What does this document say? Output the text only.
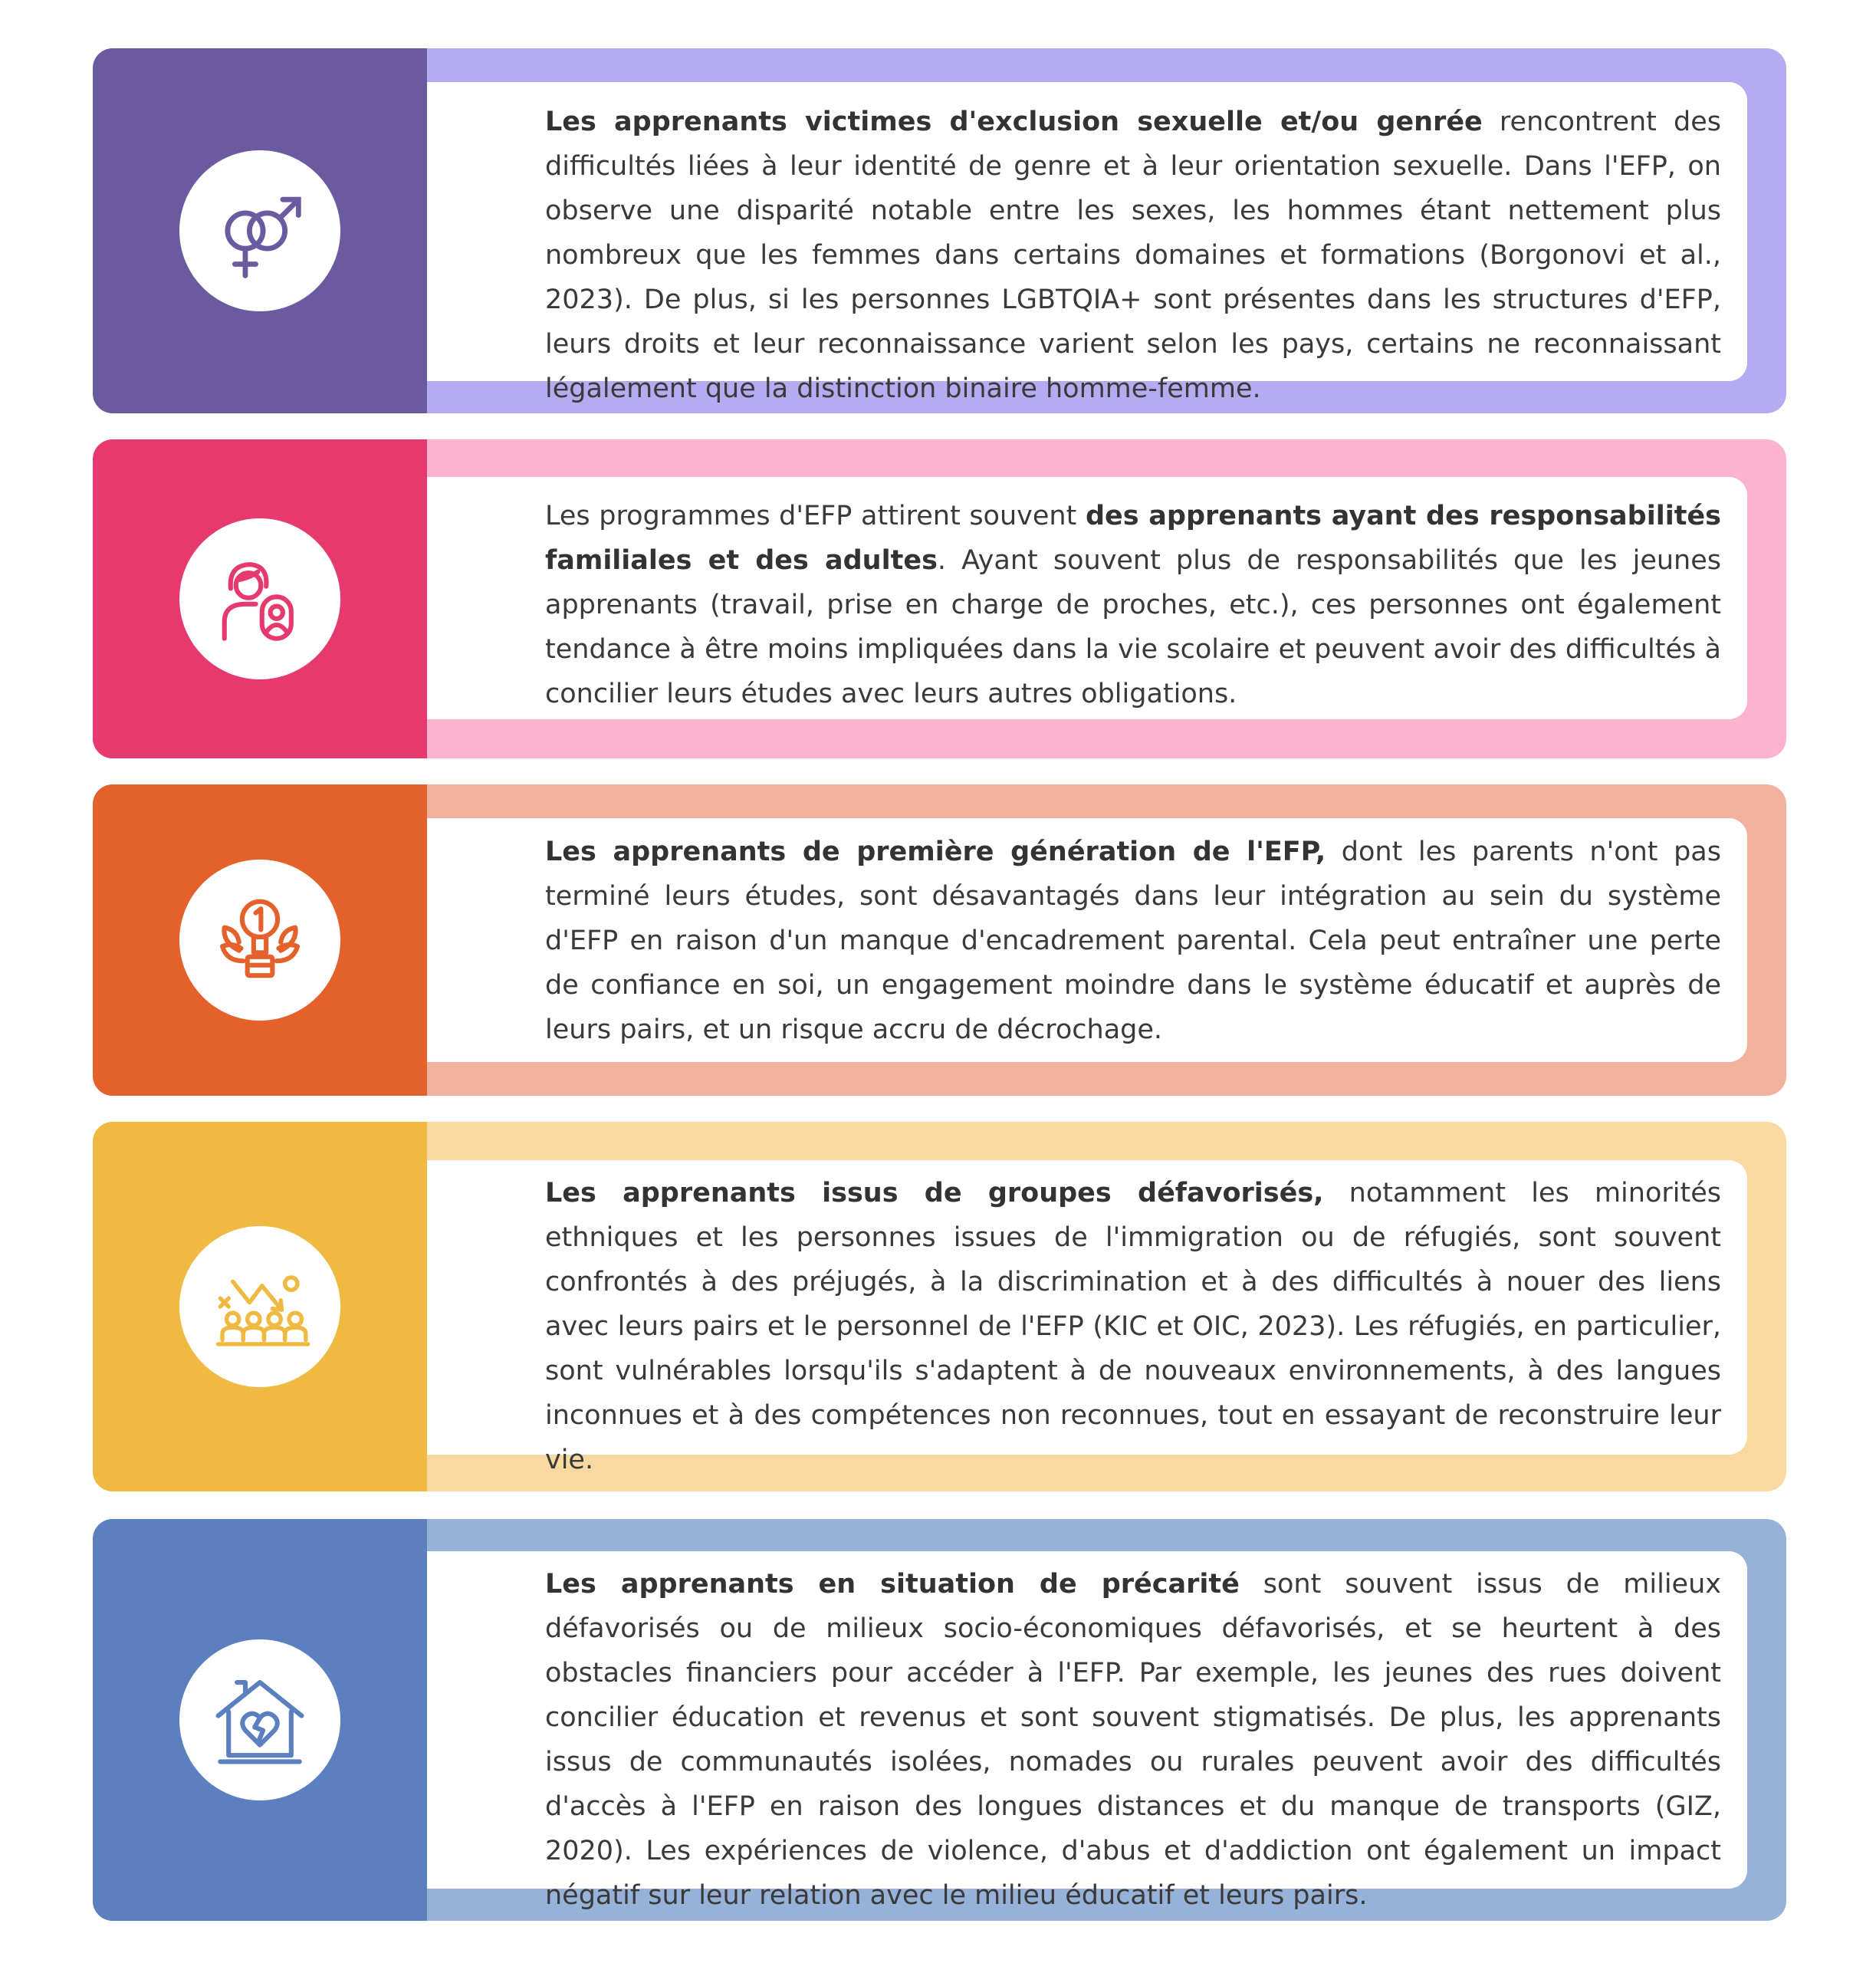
Les apprenants victimes d'exclusion sexuelle et/ou genrée rencontrent des difficultés liées à leur identité de genre et à leur orientation sexuelle. Dans l'EFP, on observe une disparité notable entre les sexes, les hommes étant nettement plus nombreux que les femmes dans certains domaines et formations (Borgonovi et al., 2023). De plus, si les personnes LGBTQIA+ sont présentes dans les structures d'EFP, leurs droits et leur reconnaissance varient selon les pays, certains ne reconnaissant légalement que la distinction binaire homme-femme.
Les programmes d'EFP attirent souvent des apprenants ayant des responsabilités familiales et des adultes. Ayant souvent plus de responsabilités que les jeunes apprenants (travail, prise en charge de proches, etc.), ces personnes ont également tendance à être moins impliquées dans la vie scolaire et peuvent avoir des difficultés à concilier leurs études avec leurs autres obligations.
Les apprenants de première génération de l'EFP, dont les parents n'ont pas terminé leurs études, sont désavantagés dans leur intégration au sein du système d'EFP en raison d'un manque d'encadrement parental. Cela peut entraîner une perte de confiance en soi, un engagement moindre dans le système éducatif et auprès de leurs pairs, et un risque accru de décrochage.
Les apprenants issus de groupes défavorisés, notamment les minorités ethniques et les personnes issues de l'immigration ou de réfugiés, sont souvent confrontés à des préjugés, à la discrimination et à des difficultés à nouer des liens avec leurs pairs et le personnel de l'EFP (KIC et OIC, 2023). Les réfugiés, en particulier, sont vulnérables lorsqu'ils s'adaptent à de nouveaux environnements, à des langues inconnues et à des compétences non reconnues, tout en essayant de reconstruire leur vie.
Les apprenants en situation de précarité sont souvent issus de milieux défavorisés ou de milieux socio-économiques défavorisés, et se heurtent à des obstacles financiers pour accéder à l'EFP. Par exemple, les jeunes des rues doivent concilier éducation et revenus et sont souvent stigmatisés. De plus, les apprenants issus de communautés isolées, nomades ou rurales peuvent avoir des difficultés d'accès à l'EFP en raison des longues distances et du manque de transports (GIZ, 2020). Les expériences de violence, d'abus et d'addiction ont également un impact négatif sur leur relation avec le milieu éducatif et leurs pairs.
